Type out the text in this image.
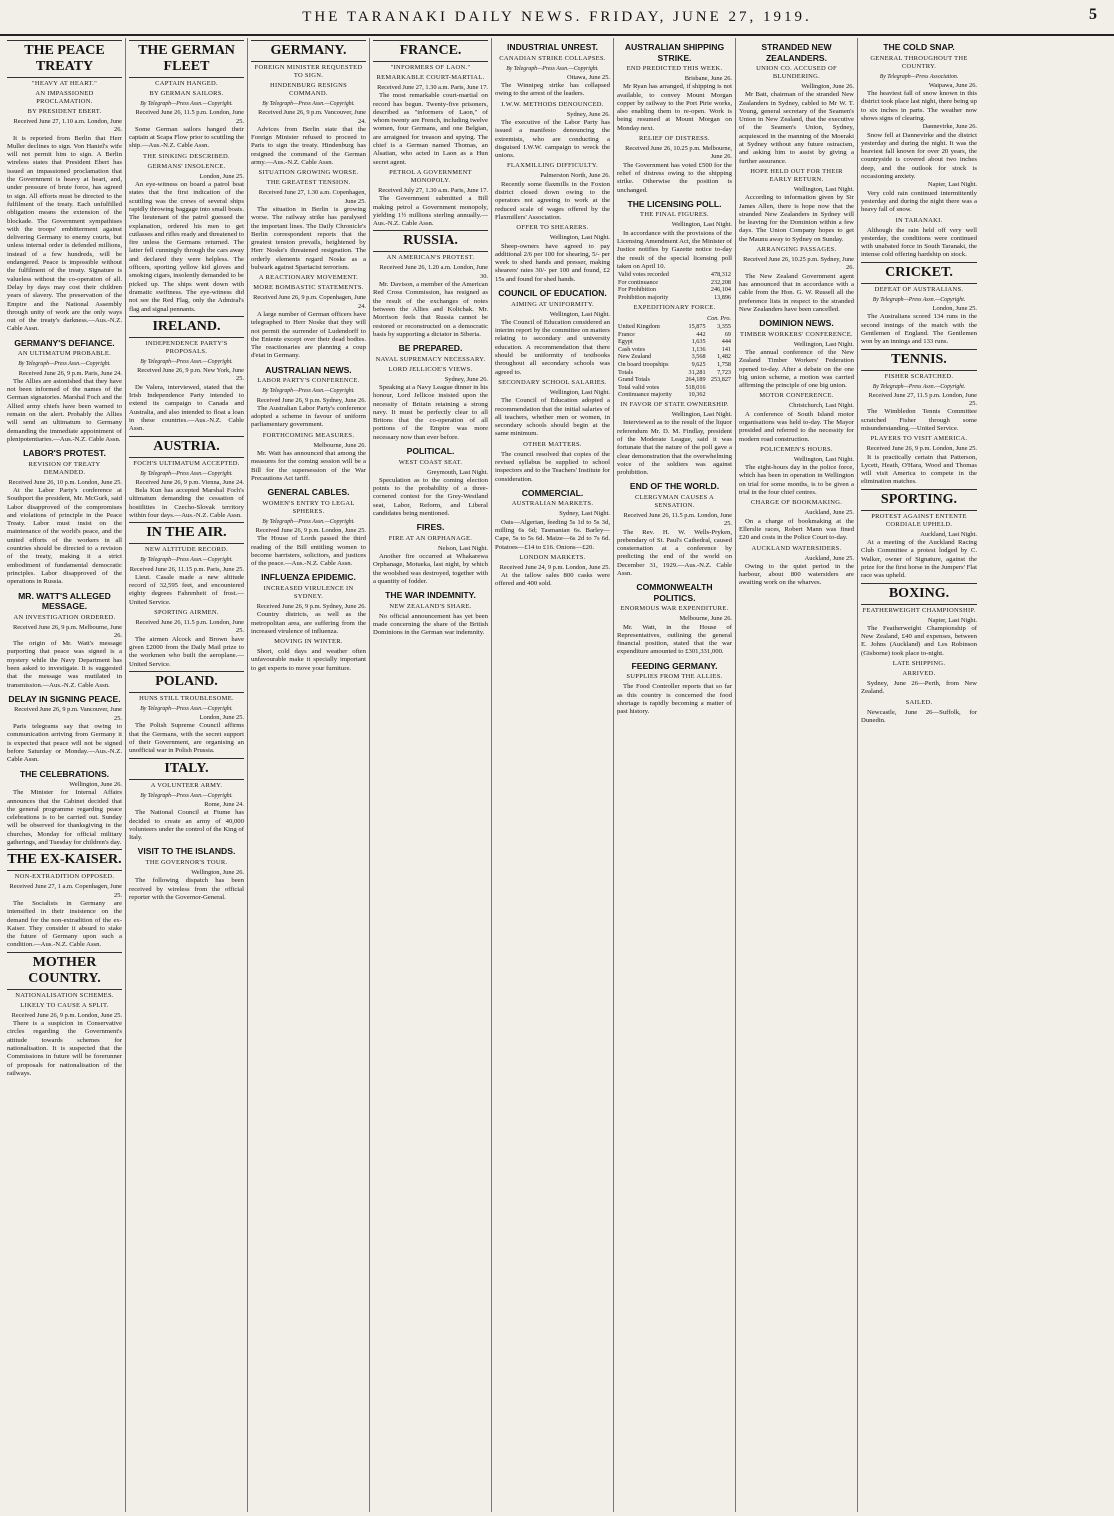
THE TARANAKI DAILY NEWS. FRIDAY, JUNE 27, 1919.	5
THE PEACE TREATY
"HEAVY AT HEART."
AN IMPASSIONED PROCLAMATION.
BY PRESIDENT EBERT.
Received June 27, 1.10 a.m. London, June 26.
It is reported from Berlin that Herr Muller declines to sign. Von Haniel's wife will not permit him to sign. A Berlin wireless states that President Ebert has issued an impassioned proclamation that the Government is heavy at heart, and, under pressure of brute force, has agreed to sign. All efforts must be directed to the fulfilment of the treaty. Each unfulfilled obligation means the extension of the blockade. The Government sympathises with the troops' embitterment against delivering Germany to enemy courts, but unless internal order is defended millions, instead of a few hundreds, will be endangered. Peace is impossible without the fulfilment of the treaty. Signature is valueless without the co-operation of all. Delay by days may cost their children years of slavery. The preservation of the Empire and the National Assembly through unity of work are the only ways out of the treaty's darkness.—Aus.-N.Z. Cable Assn.
GERMANY'S DEFIANCE.
AN ULTIMATUM PROBABLE.
By Telegraph—Press Assn.—Copyright.
Received June 26, 9 p.m. Paris, June 24.
The Allies are astonished that they have not been informed of the names of the German signatories. Marshal Foch and the Allied army chiefs have been warned to remain on the alert. Probably the Allies will send an ultimatum to Germany demanding the immediate appointment of plenipotentiaries.—Aus.-N.Z. Cable Assn.
LABOR'S PROTEST.
REVISION OF TREATY DEMANDED.
Received June 26, 10 p.m. London, June 25.
At the Labor Party's conference at Southport the president, Mr. McGurk, said Labor disapproved of the compromises and violations of principle in the Peace Treaty. Labor must insist on the maintenance of the world's peace, and the united efforts of the workers in all countries should be directed to a revision of the treaty, making it a strict embodiment of fundamental democratic principles. Labor disapproved of the operations in Russia.
MR. WATT'S ALLEGED MESSAGE.
AN INVESTIGATION ORDERED.
Received June 26, 9 p.m. Melbourne, June 26.
The origin of Mr. Watt's message purporting that peace was signed is a mystery while the Navy Department has been asked to investigate. It is suggested that the message was mutilated in transmission.—Aus.-N.Z. Cable Assn.
DELAY IN SIGNING PEACE.
Received June 26, 9 p.m. Vancouver, June 25.
Paris telegrams say that owing to communication arriving from Germany it is expected that peace will not be signed before Saturday or Monday.—Aus.-N.Z. Cable Assn.
THE CELEBRATIONS.
Wellington, June 26.
The Minister for Internal Affairs announces that the Cabinet decided that the general programme regarding peace celebrations is to be carried out. Sunday will be observed for thanksgiving in the churches, Monday for official military gatherings, and Tuesday for children's day.
THE EX-KAISER.
NON-EXTRADITION OPPOSED.
Received June 27, 1 a.m. Copenhagen, June 25.
The Socialists in Germany are intensified in their insistence on the demand for the non-extradition of the ex-Kaiser. They consider it absurd to stake the future of Germany upon such a condition.—Aus.-N.Z. Cable Assn.
MOTHER COUNTRY.
NATIONALISATION SCHEMES.
LIKELY TO CAUSE A SPLIT.
Received June 26, 9 p.m. London, June 25.
There is a suspicion in Conservative circles regarding the Government's attitude towards schemes for nationalisation. It is suspected that the Commissions in future will be forerunner of proposals for nationalisation of the railways.
THE GERMAN FLEET
CAPTAIN HANGED.
BY GERMAN SAILORS.
By Telegraph—Press Assn.—Copyright.
Received June 26, 11.5 p.m. London, June 25.
Some German sailors hanged their captain at Scapa Flow prior to scuttling the ship.—Aus.-N.Z. Cable Assn.
THE SINKING DESCRIBED.
GERMANS' INSOLENCE.
London, June 25.
An eye-witness on board a patrol boat states that the first indication of the scuttling was the crews of several ships rapidly throwing baggage into small boats. The lieutenant of the patrol guessed the explanation, ordered his men to get cutlasses and rifles ready and threatened to fire unless the Germans returned. The latter fell cunningly through the cars away and declared they were helpless. The officers, sporting yellow kid gloves and smoking cigars, insolently demanded to be picked up. The ships went down with dramatic swiftness. The eye-witness did not see the Red Flag, only the Admiral's flag and signal pennants.
IRELAND.
INDEPENDENCE PARTY'S PROPOSALS.
By Telegraph—Press Assn.—Copyright.
Received June 26, 9 p.m. New York, June 25.
De Valera, interviewed, stated that the Irish Independence Party intended to extend its campaign to Canada and Australia, and also intended to float a loan in these countries.—Aus.-N.Z. Cable Assn.
AUSTRIA.
FOCH'S ULTIMATUM ACCEPTED.
By Telegraph—Press Assn.—Copyright.
Received June 26, 9 p.m. Vienna, June 24.
Bela Kun has accepted Marshal Foch's ultimatum demanding the cessation of hostilities in Czecho-Slovak territory within four days.—Aus.-N.Z. Cable Assn.
IN THE AIR.
NEW ALTITUDE RECORD.
By Telegraph—Press Assn.—Copyright.
Received June 26, 11.15 p.m. Paris, June 25.
Lieut. Casale made a new altitude record of 32,595 feet, and encountered eighty degrees Fahrenheit of frost.—United Service.
SPORTING AIRMEN.
Received June 26, 11.5 p.m. London, June 25.
The airmen Alcock and Brown have given £2000 from the Daily Mail prize to the workmen who built the aeroplane.—United Service.
POLAND.
HUNS STILL TROUBLESOME.
By Telegraph—Press Assn.—Copyright.
London, June 25.
The Polish Supreme Council affirms that the Germans, with the secret support of their Government, are organising an unofficial war in Polish Prussia.
ITALY.
A VOLUNTEER ARMY.
By Telegraph—Press Assn.—Copyright.
Rome, June 24.
The National Council at Fiume has decided to create an army of 40,000 volunteers under the control of the King of Italy.
VISIT TO THE ISLANDS.
THE GOVERNOR'S TOUR.
Wellington, June 26.
The following dispatch has been received by wireless from the official reporter with the Governor-General.
GERMANY.
FOREIGN MINISTER REQUESTED TO SIGN.
HINDENBURG RESIGNS COMMAND.
By Telegraph—Press Assn.—Copyright.
Received June 26, 9 p.m. Vancouver, June 24.
Advices from Berlin state that the Foreign Minister refused to proceed to Paris to sign the treaty. Hindenburg has resigned the command of the German army.—Aus.-N.Z. Cable Assn.
SITUATION GROWING WORSE.
THE GREATEST TENSION.
Received June 27, 1.30 a.m. Copenhagen, June 25.
The situation in Berlin is growing worse. The railway strike has paralysed the important lines. The Daily Chronicle's Berlin correspondent reports that the greatest tension prevails, heightened by Herr Noske's threatened resignation. The orderly elements regard Noske as a bulwark against Spartacist terrorism.
A REACTIONARY MOVEMENT.
MORE BOMBASTIC STATEMENTS.
Received June 26, 9 p.m. Copenhagen, June 24.
A large number of German officers have telegraphed to Herr Noske that they will not permit the surrender of Ludendorff to the Entente except over their dead bodies. The reactionaries are planning a coup d'etat in Germany.
AUSTRALIAN NEWS.
LABOR PARTY'S CONFERENCE.
By Telegraph—Press Assn.—Copyright.
Received June 26, 9 p.m. Sydney, June 26.
The Australian Labor Party's conference adopted a scheme in favour of uniform parliamentary government.
FORTHCOMING MEASURES.
Melbourne, June 26.
Mr. Watt has announced that among the measures for the coming session will be a Bill for the supersession of the War Precautions Act tariff.
GENERAL CABLES.
WOMEN'S ENTRY TO LEGAL SPHERES.
By Telegraph—Press Assn.—Copyright.
Received June 26, 9 p.m. London, June 25.
The House of Lords passed the third reading of the Bill entitling women to become barristers, solicitors, and justices of the peace.—Aus.-N.Z. Cable Assn.
INFLUENZA EPIDEMIC.
INCREASED VIRULENCE IN SYDNEY.
Received June 26, 9 p.m. Sydney, June 26.
Country districts, as well as the metropolitan area, are suffering from the increased virulence of influenza.
MOVING IN WINTER.
Short, cold days and weather often unfavourable make it specially important to get experts to move your furniture.
FRANCE.
"INFORMERS OF LAON."
REMARKABLE COURT-MARTIAL.
Received June 27, 1.30 a.m. Paris, June 17.
The most remarkable court-martial on record has begun. Twenty-five prisoners, described as "informers of Laon," of whom twenty are French, including twelve women, four Germans, and one Belgian, are arraigned for treason and spying. The chief is a German named Thomas, an Alsatian, who acted in Laon as a Hun secret agent.
PETROL A GOVERNMENT MONOPOLY.
Received July 27, 1.30 a.m. Paris, June 17.
The Government submitted a Bill making petrol a Government monopoly, yielding 1½ millions sterling annually.—Aus.-N.Z. Cable Assn.
RUSSIA.
AN AMERICAN'S PROTEST.
Received June 26, 1.20 a.m. London, June 30.
Mr. Davison, a member of the American Red Cross Commission, has resigned as the result of the exchanges of notes between the Allies and Koltchak. Mr. Morrison feels that Russia cannot be restored or reconstructed on a democratic basis by supporting a dictator in Siberia.
BE PREPARED.
NAVAL SUPREMACY NECESSARY.
LORD JELLICOE'S VIEWS.
Sydney, June 26.
Speaking at a Navy League dinner in his honour, Lord Jellicoe insisted upon the necessity of Britain retaining a strong navy. It must be perfectly clear to all Britons that the co-operation of all portions of the Empire was more necessary now than ever before.
POLITICAL.
WEST COAST SEAT.
Greymouth, Last Night.
Speculation as to the coming election points to the probability of a three-cornered contest for the Grey-Westland seat, Labor, Reform, and Liberal candidates being mentioned.
FIRES.
FIRE AT AN ORPHANAGE.
Nelson, Last Night.
Another fire occurred at Whakarewa Orphanage, Motueka, last night, by which the woolshed was destroyed, together with a quantity of fodder.
THE WAR INDEMNITY.
NEW ZEALAND'S SHARE.
No official announcement has yet been made concerning the share of the British Dominions in the German war indemnity.
INDUSTRIAL UNREST.
CANADIAN STRIKE COLLAPSES.
By Telegraph—Press Assn.—Copyright.
Ottawa, June 25.
The Winnipeg strike has collapsed owing to the arrest of the leaders.
I.W.W. METHODS DENOUNCED.
Sydney, June 26.
The executive of the Labor Party has issued a manifesto denouncing the extremists, who are conducting a disguised I.W.W. campaign to wreck the unions.
FLAXMILLING DIFFICULTY.
Palmerston North, June 26.
Recently some flaxmills in the Foxton district closed down owing to the operators not agreeing to work at the reduced scale of wages offered by the Flaxmillers' Association.
OFFER TO SHEARERS.
Wellington, Last Night.
Sheep-owners have agreed to pay additional 2/6 per 100 for shearing, 5/- per week to shed hands and presser, making shearers' rates 30/- per 100 and found, £2 15s and found for shed hands.
COUNCIL OF EDUCATION.
AIMING AT UNIFORMITY.
Wellington, Last Night.
The Council of Education considered an interim report by the committee on matters relating to secondary and university education. A recommendation that there should be uniformity of textbooks throughout all secondary schools was agreed to.
SECONDARY SCHOOL SALARIES.
Wellington, Last Night.
The Council of Education adopted a recommendation that the initial salaries of all teachers, whether men or women, in secondary schools should begin at the same minimum.
OTHER MATTERS.
The council resolved that copies of the revised syllabus be supplied to school inspectors and to the Teachers' Institute for consideration.
COMMERCIAL.
AUSTRALIAN MARKETS.
Sydney, Last Night.
Oats—Algerian, feeding 5s 1d to 5s 3d, milling 6s 6d; Tasmanian 6s. Barley—Cape, 5s to 5s 6d. Maize—6s 2d to 7s 6d. Potatoes—£14 to £16. Onions—£20.
LONDON MARKETS.
Received June 24, 9 p.m. London, June 25.
At the tallow sales 800 casks were offered and 400 sold.
AUSTRALIAN SHIPPING STRIKE.
END PREDICTED THIS WEEK.
Brisbane, June 26.
Mr Ryan has arranged, if shipping is not available, to convey Mount Morgan copper by railway to the Port Pirie works, also enabling them to re-open. Work is being resumed at Mount Morgan on Monday next.
RELIEF OF DISTRESS.
Received June 26, 10.25 p.m. Melbourne, June 26.
The Government has voted £500 for the relief of distress owing to the shipping strike. Otherwise the position is unchanged.
THE LICENSING POLL.
THE FINAL FIGURES.
Wellington, Last Night.
In accordance with the provisions of the Licensing Amendment Act, the Minister of Justice notifies by Gazette notice to-day the result of the special licensing poll taken on April 10.
Valid votes recorded	478,312
For continuance	232,208
For Prohibition	246,104
Prohibition majority	13,896
EXPEDITIONARY FORCE.
	Con. Pro.	
United Kingdom	15,875	3,355
France	442	69
Egypt	1,635	444
Cash votes	1,136	141
New Zealand	3,568	1,482
On board troopships	9,625	1,758
Totals	31,281	7,723
Grand Totals	264,189	253,827
Total valid votes	518,016	
Continuance majority	10,362	
IN FAVOR OF STATE OWNERSHIP.
Wellington, Last Night.
Interviewed as to the result of the liquor referendum Mr. D. M. Findlay, president of the Moderate League, said it was fortunate that the nature of the poll gave a clear demonstration that the overwhelming voice of the soldiers was against prohibition.
END OF THE WORLD.
CLERGYMAN CAUSES A SENSATION.
Received June 26, 11.5 p.m. London, June 25.
The Rev. H. W. Wells-Pryken, prebendary of St. Paul's Cathedral, caused consternation at a conference by predicting the end of the world on December 31, 1929.—Aus.-N.Z. Cable Assn.
COMMONWEALTH POLITICS.
ENORMOUS WAR EXPENDITURE.
Melbourne, June 26.
Mr. Watt, in the House of Representatives, outlining the general financial position, stated that the war expenditure amounted to £301,331,000.
FEEDING GERMANY.
SUPPLIES FROM THE ALLIES.
The Food Controller reports that so far as this country is concerned the food shortage is rapidly becoming a matter of past history.
STRANDED NEW ZEALANDERS.
UNION CO. ACCUSED OF BLUNDERING.
Wellington, June 26.
Mr Batt, chairman of the stranded New Zealanders in Sydney, cabled to Mr W. T. Young, general secretary of the Seamen's Union in New Zealand, that the executive of the Seamen's Union, Sydney, acquiesced in the manning of the Moeraki at Sydney without any future ostracism, and asking him to assist by giving a further assurance.
HOPE HELD OUT FOR THEIR EARLY RETURN.
Wellington, Last Night.
According to information given by Sir James Allen, there is hope now that the stranded New Zealanders in Sydney will be leaving for the Dominion within a few days. The Union Company hopes to get the Maunu away to Sydney on Sunday.
ARRANGING PASSAGES.
Received June 26, 10.25 p.m. Sydney, June 26.
The New Zealand Government agent has announced that in accordance with a cable from the Hon. G. W. Russell all the preference lists in respect to the stranded New Zealanders have been cancelled.
DOMINION NEWS.
TIMBER WORKERS' CONFERENCE.
Wellington, Last Night.
The annual conference of the New Zealand Timber Workers' Federation opened to-day. After a debate on the one big union scheme, a motion was carried affirming the principle of one big union.
MOTOR CONFERENCE.
Christchurch, Last Night.
A conference of South Island motor organisations was held to-day. The Mayor presided and referred to the necessity for modern road construction.
POLICEMEN'S HOURS.
Wellington, Last Night.
The eight-hours day in the police force, which has been in operation in Wellington on trial for some months, is to be given a trial in the four chief centres.
CHARGE OF BOOKMAKING.
Auckland, June 25.
On a charge of bookmaking at the Ellerslie races, Robert Mann was fined £20 and costs in the Police Court to-day.
AUCKLAND WATERSIDERS.
Auckland, June 25.
Owing to the quiet period in the harbour, about 800 watersiders are awaiting work on the wharves.
THE COLD SNAP.
GENERAL THROUGHOUT THE COUNTRY.
By Telegraph—Press Association.
Waipawa, June 26.
The heaviest fall of snow known in this district took place last night, there being up to six inches in parts. The weather now shows signs of clearing.
Dannevirke, June 26.
Snow fell at Dannevirke and the district yesterday and during the night. It was the heaviest fall known for over 20 years, the countryside is covered about two inches deep, and the outlook for stock is occasioning anxiety.
Napier, Last Night.
Very cold rain continued intermittently yesterday and during the night there was a heavy fall of snow.
IN TARANAKI.
Although the rain held off very well yesterday, the conditions were continued with unabated force in South Taranaki, the intense cold offering hardship on stock.
CRICKET.
DEFEAT OF AUSTRALIANS.
By Telegraph—Press Assn.—Copyright.
London, June 25.
The Australians scored 134 runs in the second innings of the match with the Gentlemen of England. The Gentlemen won by an innings and 133 runs.
TENNIS.
FISHER SCRATCHED.
By Telegraph—Press Assn.—Copyright.
Received June 27, 11.5 p.m. London, June 25.
The Wimbledon Tennis Committee scratched Fisher through some misunderstanding.—United Service.
PLAYERS TO VISIT AMERICA.
Received June 26, 9 p.m. London, June 25.
It is practically certain that Patterson, Lycett, Heath, O'Hara, Wood and Thomas will visit America to compete in the elimination matches.
SPORTING.
PROTEST AGAINST ENTENTE CORDIALE UPHELD.
Auckland, Last Night.
At a meeting of the Auckland Racing Club Committee a protest lodged by C. Walker, owner of Signature, against the prize for the first horse in the Jumpers' Flat race was upheld.
BOXING.
FEATHERWEIGHT CHAMPIONSHIP.
Napier, Last Night.
The Featherweight Championship of New Zealand, £40 and expenses, between E. Johns (Auckland) and Les Robinson (Gisborne) took place to-night.
LATE SHIPPING.
ARRIVED.
Sydney, June 26—Perth, from New Zealand.
SAILED.
Newcastle, June 26—Suffolk, for Dunedin.
